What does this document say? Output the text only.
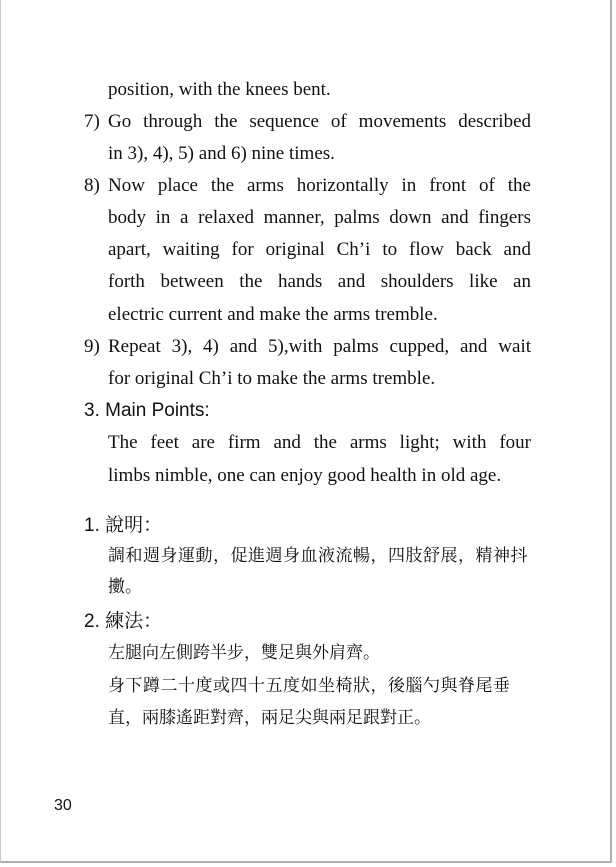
position, with the knees bent.
7) Go through the sequence of movements described
in 3), 4), 5) and 6) nine times.
8) Now place the arms horizontally in front of the
body in a relaxed manner, palms down and fingers
apart, waiting for original Ch’i to flow back and
forth between the hands and shoulders like an
electric current and make the arms tremble.
9) Repeat 3), 4) and 5),with palms cupped, and wait
for original Ch’i to make the arms tremble.
3. Main Points:
The feet are firm and the arms light; with four
limbs nimble, one can enjoy good health in old age.
1. 說明：
調和週身運動，促進週身血液流暢，四肢舒展，精神抖
擻。
2. 練法：
左腿向左側跨半步，雙足與外肩齊。
身下蹲二十度或四十五度如坐椅狀，後腦勺與脊尾垂
直，兩膝遙距對齊，兩足尖與兩足跟對正。
30
